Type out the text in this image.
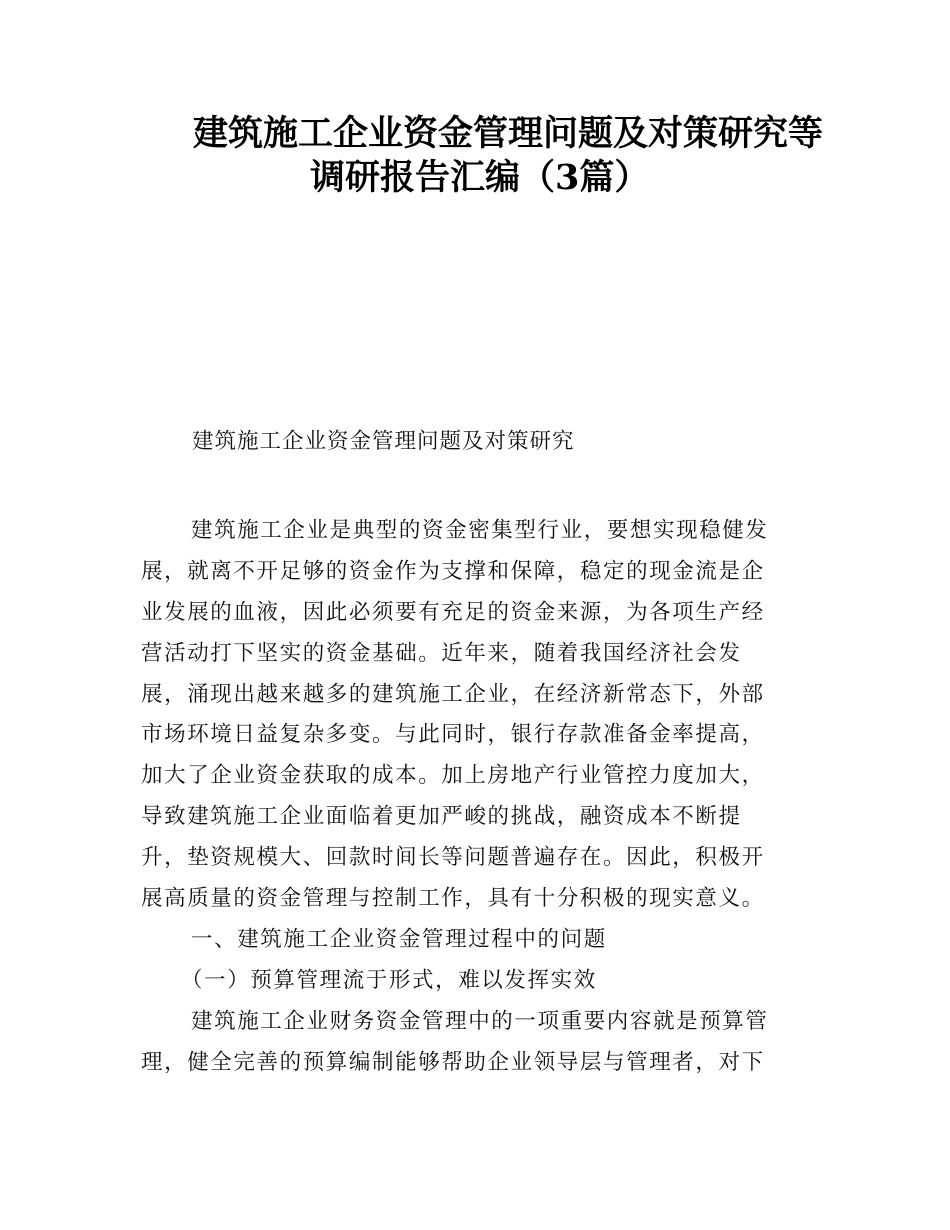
建筑施工企业资金管理问题及对策研究等
调研报告汇编（3篇）
建筑施工企业资金管理问题及对策研究
建筑施工企业是典型的资金密集型行业，要想实现稳健发
展，就离不开足够的资金作为支撑和保障，稳定的现金流是企
业发展的血液，因此必须要有充足的资金来源，为各项生产经
营活动打下坚实的资金基础。近年来，随着我国经济社会发
展，涌现出越来越多的建筑施工企业，在经济新常态下，外部
市场环境日益复杂多变。与此同时，银行存款准备金率提高，
加大了企业资金获取的成本。加上房地产行业管控力度加大，
导致建筑施工企业面临着更加严峻的挑战，融资成本不断提
升，垫资规模大、回款时间长等问题普遍存在。因此，积极开
展高质量的资金管理与控制工作，具有十分积极的现实意义。
一、建筑施工企业资金管理过程中的问题
（一）预算管理流于形式，难以发挥实效
建筑施工企业财务资金管理中的一项重要内容就是预算管
理，健全完善的预算编制能够帮助企业领导层与管理者，对下
